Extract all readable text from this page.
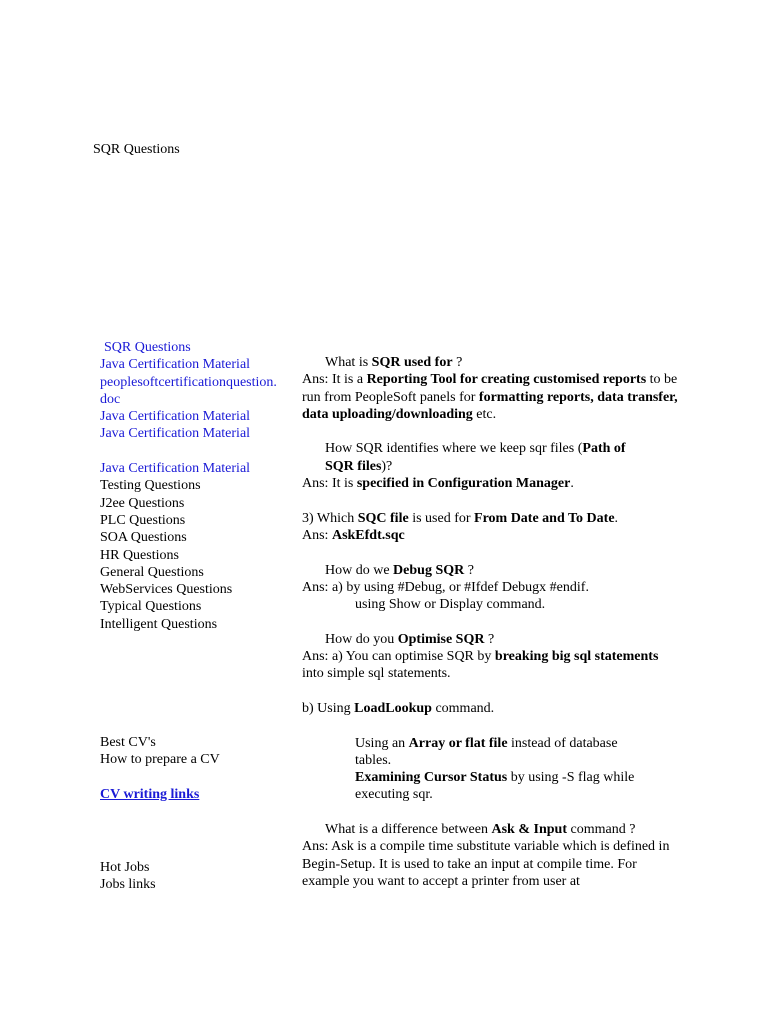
SQR Questions
SQR Questions
Java Certification Material
peoplesoftcertificationquestion.
doc
Java Certification Material
Java Certification Material
Java Certification Material
Testing Questions
J2ee Questions
PLC Questions
SOA Questions
HR Questions
General Questions
WebServices Questions
Typical Questions
Intelligent Questions
Best CV's
How to prepare a CV
CV writing links
Hot Jobs
Jobs links

What is SQR used for ?

Ans: It is a Reporting Tool for creating customised reports to be run from PeopleSoft panels for formatting reports, data transfer, data uploading/downloading etc.

How SQR identifies where we keep sqr files (Path of SQR files)?

Ans: It is specified in Configuration Manager.

3) Which SQC file is used for From Date and To Date.

Ans: AskEfdt.sqc

How do we Debug SQR ?

Ans: a) by using #Debug, or #Ifdef Debugx #endif.

using Show or Display command.

How do you Optimise SQR ?

Ans: a) You can optimise SQR by breaking big sql statements into simple sql statements.

b) Using LoadLookup command.

Using an Array or flat file instead of database tables.

Examining Cursor Status by using -S flag while executing sqr.

What is a difference between Ask & Input command ?

Ans: Ask is a compile time substitute variable which is defined in Begin-Setup. It is used to take an input at compile time. For example you want to accept a printer from user at
